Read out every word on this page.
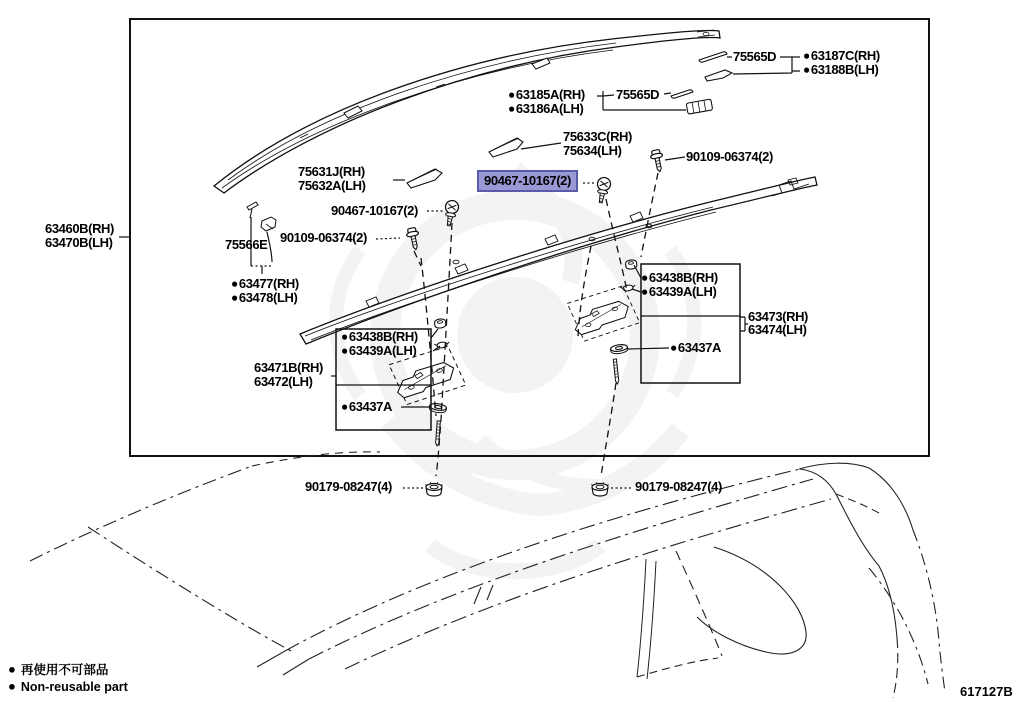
75565D ●63187C(RH)
●63188B(LH)
●63185A(RH)
●63186A(LH)
75565D
75633C(RH)
75634(LH)	90109-06374(2)
75631J(RH)
75632A(LH)	90467-10167(2)
90467-10167(2)
90109-06374(2)
63460B(RH)
63470B(LH)	75566E
●63477(RH)
●63478(LH)
●63438B(RH)
●63439A(LH)
63471B(RH)
63472(LH)
●63437A
●63438B(RH)
●63439A(LH)
63473(RH)
63474(LH)
●63437A
90179-08247(4)	90179-08247(4)
● 再使用不可部品
● Non-reusable part	617127B
